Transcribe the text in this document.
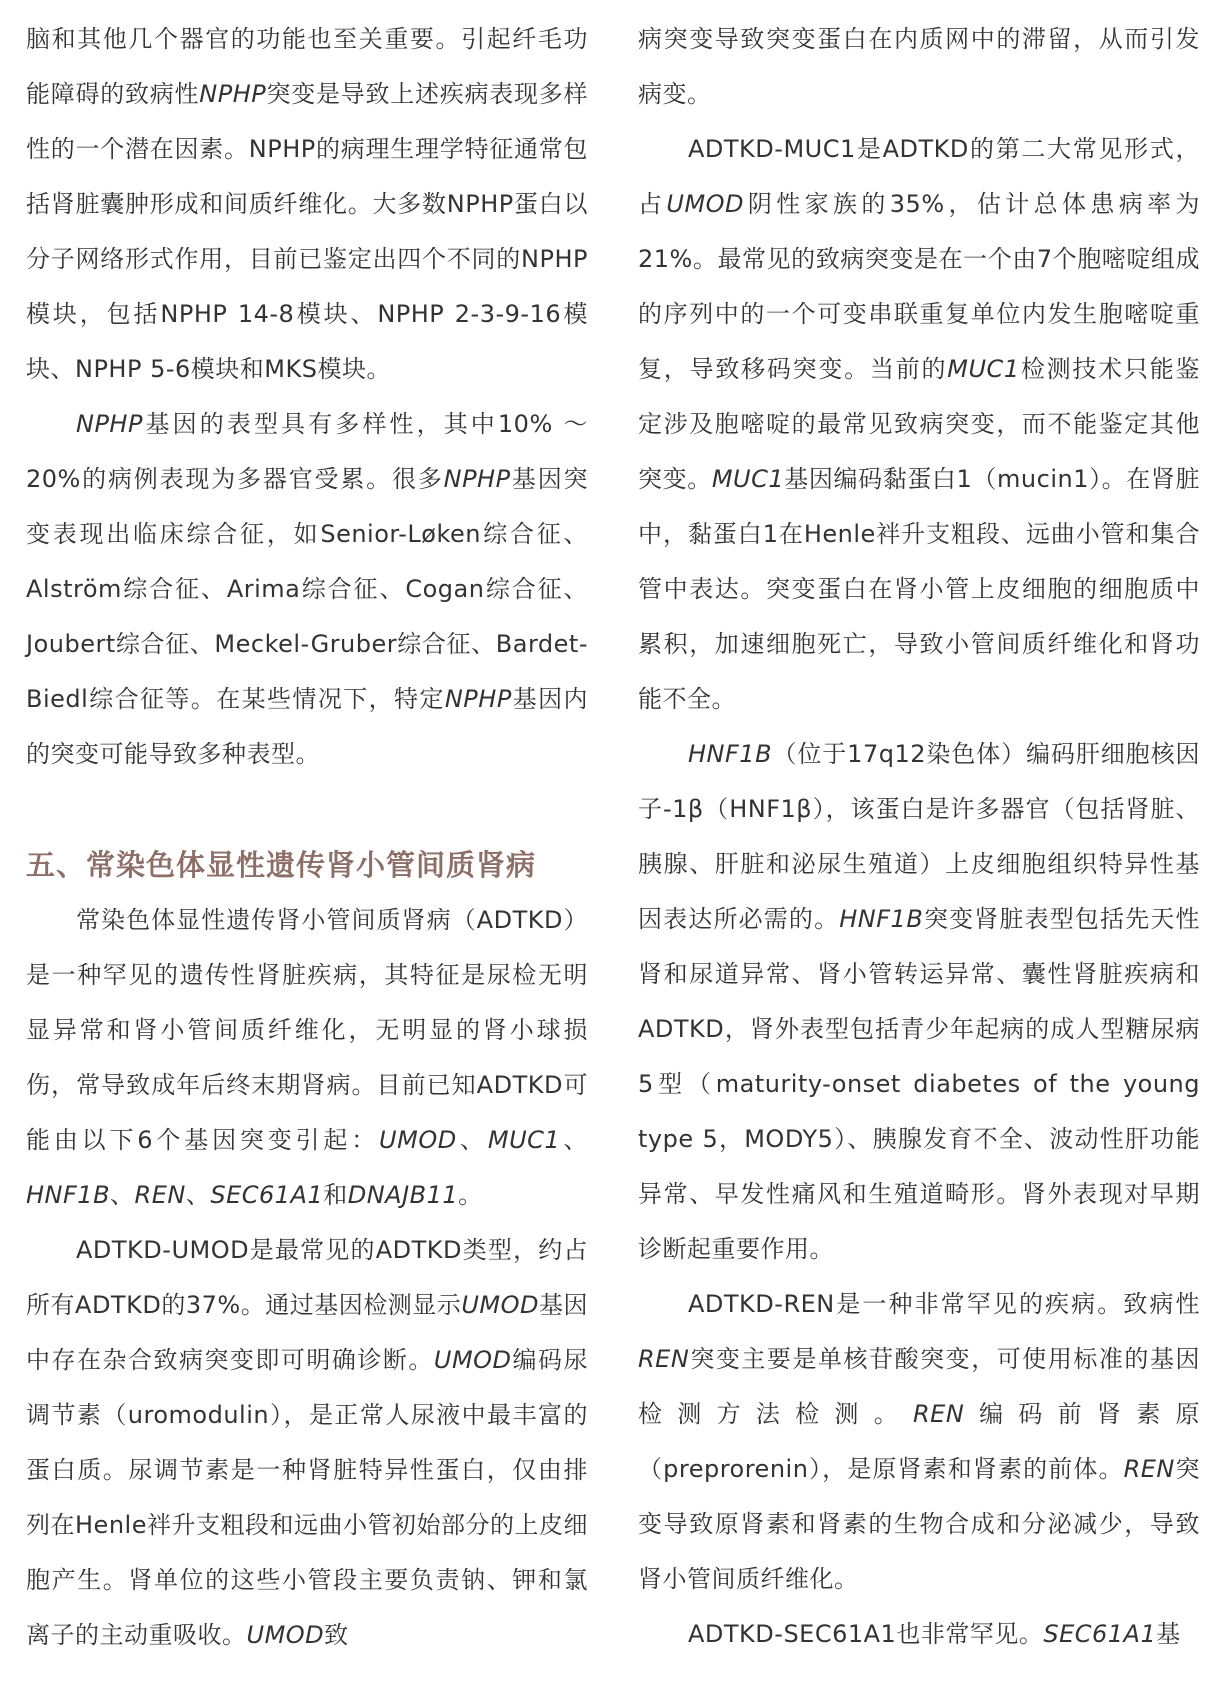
脑和其他几个器官的功能也至关重要。引起纤毛功能障碍的致病性NPHP突变是导致上述疾病表现多样性的一个潜在因素。NPHP的病理生理学特征通常包括肾脏囊肿形成和间质纤维化。大多数NPHP蛋白以分子网络形式作用，目前已鉴定出四个不同的NPHP模块，包括NPHP 14-8模块、NPHP 2-3-9-16模块、NPHP 5-6模块和MKS模块。

NPHP基因的表型具有多样性，其中10% ～ 20%的病例表现为多器官受累。很多NPHP基因突变表现出临床综合征，如Senior-Løken综合征、Alström综合征、Arima综合征、Cogan综合征、Joubert综合征、Meckel-Gruber综合征、Bardet-Biedl综合征等。在某些情况下，特定NPHP基因内的突变可能导致多种表型。

五、常染色体显性遗传肾小管间质肾病

常染色体显性遗传肾小管间质肾病（ADTKD）是一种罕见的遗传性肾脏疾病，其特征是尿检无明显异常和肾小管间质纤维化，无明显的肾小球损伤，常导致成年后终末期肾病。目前已知ADTKD可能由以下6个基因突变引起：UMOD、MUC1、HNF1B、REN、SEC61A1和DNAJB11。

ADTKD-UMOD是最常见的ADTKD类型，约占所有ADTKD的37%。通过基因检测显示UMOD基因中存在杂合致病突变即可明确诊断。UMOD编码尿调节素（uromodulin），是正常人尿液中最丰富的蛋白质。尿调节素是一种肾脏特异性蛋白，仅由排列在Henle袢升支粗段和远曲小管初始部分的上皮细胞产生。肾单位的这些小管段主要负责钠、钾和氯离子的主动重吸收。UMOD致

病突变导致突变蛋白在内质网中的滞留，从而引发病变。

ADTKD-MUC1是ADTKD的第二大常见形式，占UMOD阴性家族的35%，估计总体患病率为21%。最常见的致病突变是在一个由7个胞嘧啶组成的序列中的一个可变串联重复单位内发生胞嘧啶重复，导致移码突变。当前的MUC1检测技术只能鉴定涉及胞嘧啶的最常见致病突变，而不能鉴定其他突变。MUC1基因编码黏蛋白1（mucin1）。在肾脏中，黏蛋白1在Henle袢升支粗段、远曲小管和集合管中表达。突变蛋白在肾小管上皮细胞的细胞质中累积，加速细胞死亡，导致小管间质纤维化和肾功能不全。

HNF1B（位于17q12染色体）编码肝细胞核因子-1β（HNF1β），该蛋白是许多器官（包括肾脏、胰腺、肝脏和泌尿生殖道）上皮细胞组织特异性基因表达所必需的。HNF1B突变肾脏表型包括先天性肾和尿道异常、肾小管转运异常、囊性肾脏疾病和ADTKD，肾外表型包括青少年起病的成人型糖尿病5型（maturity-onset diabetes of the young type 5，MODY5）、胰腺发育不全、波动性肝功能异常、早发性痛风和生殖道畸形。肾外表现对早期诊断起重要作用。

ADTKD-REN是一种非常罕见的疾病。致病性REN突变主要是单核苷酸突变，可使用标准的基因检测方法检测。REN编码前肾素原（preprorenin），是原肾素和肾素的前体。REN突变导致原肾素和肾素的生物合成和分泌减少，导致肾小管间质纤维化。

ADTKD-SEC61A1也非常罕见。SEC61A1基
